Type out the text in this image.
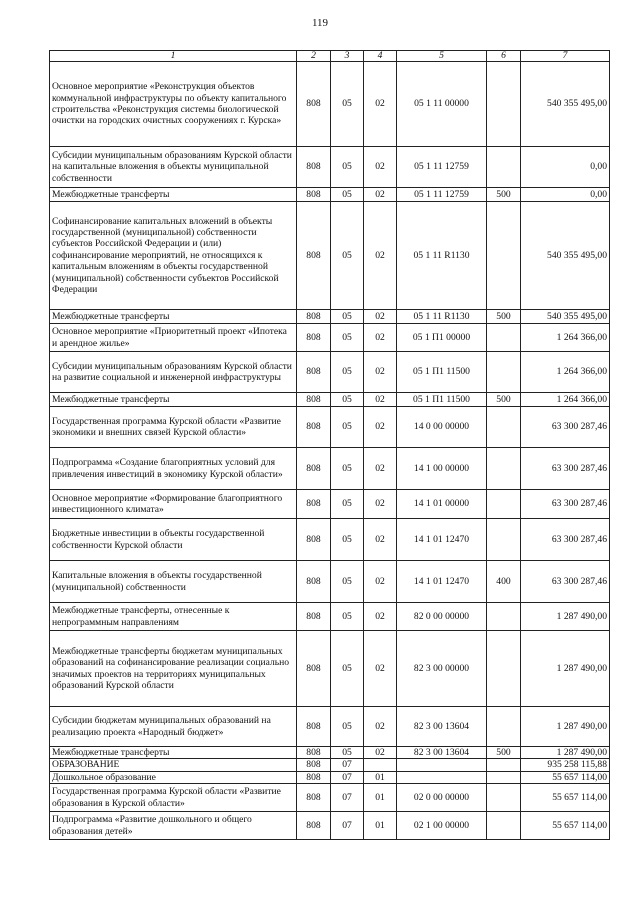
119
1	2	3	4	5	6	7
Основное мероприятие «Реконструкция объектов коммунальной инфраструктуры по объекту капитального строительства «Реконструкция системы биологической очистки на городских очистных сооружениях г. Курска»	808	05	02	05 1 11 00000		540 355 495,00
Субсидии муниципальным образованиям Курской области на капитальные вложения в объекты муниципальной собственности	808	05	02	05 1 11 12759		0,00
Межбюджетные трансферты	808	05	02	05 1 11 12759	500	0,00
Софинансирование капитальных вложений в объекты государственной (муниципальной) собственности субъектов Российской Федерации и (или) софинансирование мероприятий, не относящихся к капитальным вложениям в объекты государственной (муниципальной) собственности субъектов Российской Федерации	808	05	02	05 1 11 R1130		540 355 495,00
Межбюджетные трансферты	808	05	02	05 1 11 R1130	500	540 355 495,00
Основное мероприятие «Приоритетный проект «Ипотека и арендное жилье»	808	05	02	05 1 П1 00000		1 264 366,00
Субсидии муниципальным образованиям Курской области на развитие социальной и инженерной инфраструктуры	808	05	02	05 1 П1 11500		1 264 366,00
Межбюджетные трансферты	808	05	02	05 1 П1 11500	500	1 264 366,00
Государственная программа Курской области «Развитие экономики и внешних связей Курской области»	808	05	02	14 0 00 00000		63 300 287,46
Подпрограмма «Создание благоприятных условий для привлечения инвестиций в экономику Курской области»	808	05	02	14 1 00 00000		63 300 287,46
Основное мероприятие «Формирование благоприятного инвестиционного климата»	808	05	02	14 1 01 00000		63 300 287,46
Бюджетные инвестиции в объекты государственной собственности Курской области	808	05	02	14 1 01 12470		63 300 287,46
Капитальные вложения в объекты государственной (муниципальной) собственности	808	05	02	14 1 01 12470	400	63 300 287,46
Межбюджетные трансферты, отнесенные к непрограммным направлениям	808	05	02	82 0 00 00000		1 287 490,00
Межбюджетные трансферты бюджетам муниципальных образований на софинансирование реализации социально значимых проектов на территориях муниципальных образований Курской области	808	05	02	82 3 00 00000		1 287 490,00
Субсидии бюджетам муниципальных образований на реализацию проекта «Народный бюджет»	808	05	02	82 3 00 13604		1 287 490,00
Межбюджетные трансферты	808	05	02	82 3 00 13604	500	1 287 490,00
ОБРАЗОВАНИЕ	808	07				935 258 115,88
Дошкольное образование	808	07	01			55 657 114,00
Государственная программа Курской области «Развитие образования в Курской области»	808	07	01	02 0 00 00000		55 657 114,00
Подпрограмма «Развитие дошкольного и общего образования детей»	808	07	01	02 1 00 00000		55 657 114,00
